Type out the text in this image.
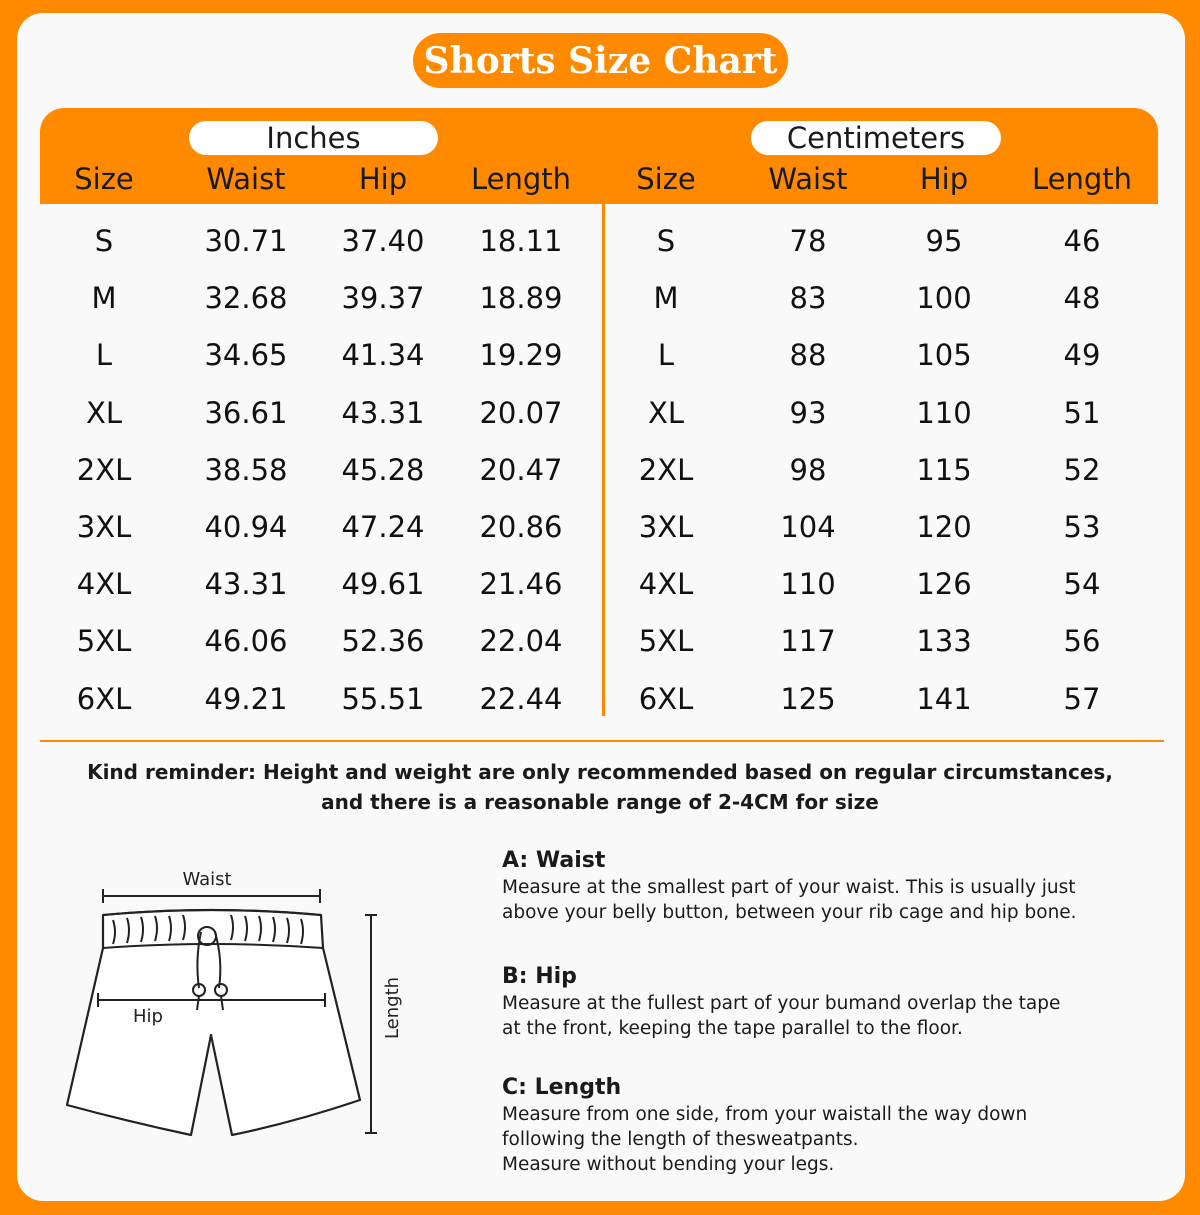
Shorts Size Chart
Inches	Centimeters
Size	Waist	Hip	Length	Size	Waist	Hip	Length
S	30.71	37.40	18.11	S	78	95	46
M	32.68	39.37	18.89	M	83	100	48
L	34.65	41.34	19.29	L	88	105	49
XL	36.61	43.31	20.07	XL	93	110	51
2XL	38.58	45.28	20.47	2XL	98	115	52
3XL	40.94	47.24	20.86	3XL	104	120	53
4XL	43.31	49.61	21.46	4XL	110	126	54
5XL	46.06	52.36	22.04	5XL	117	133	56
6XL	49.21	55.51	22.44	6XL	125	141	57
Kind reminder: Height and weight are only recommended based on regular circumstances,
and there is a reasonable range of 2-4CM for size
Waist
Hip	Length
A: Waist

Measure at the smallest part of your waist. This is usually just

above your belly button, between your rib cage and hip bone.

B: Hip

Measure at the fullest part of your bumand overlap the tape

at the front, keeping the tape parallel to the floor.

C: Length

Measure from one side, from your waistall the way down

following the length of thesweatpants.

Measure without bending your legs.
